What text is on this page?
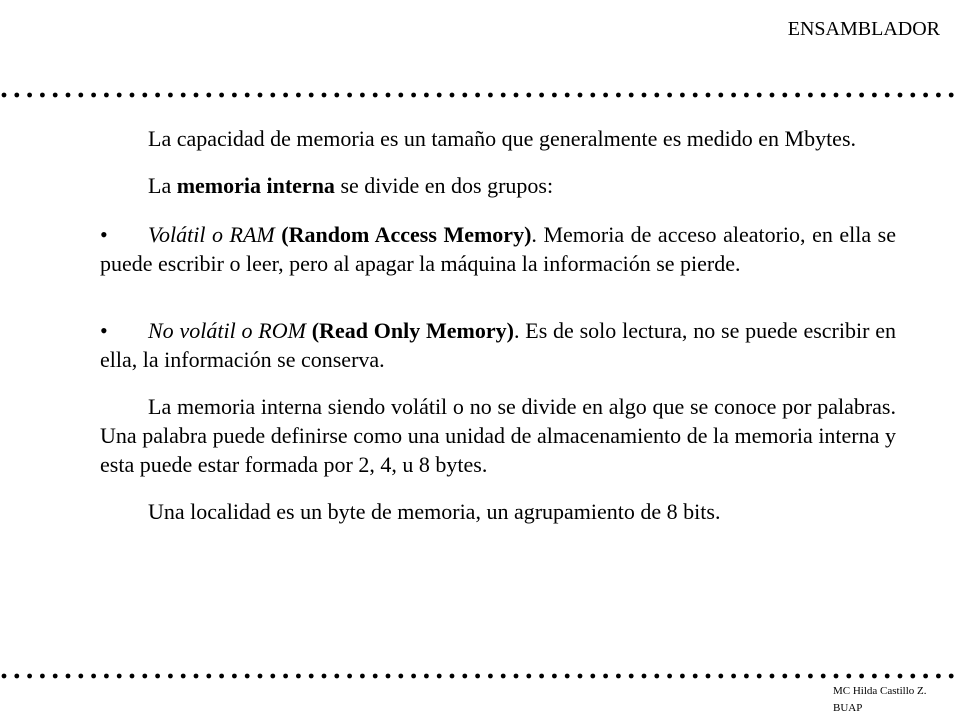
ENSAMBLADOR

La capacidad de memoria es un tamaño que generalmente es medido en Mbytes.

La memoria interna se divide en dos grupos:

• Volátil o RAM (Random Access Memory). Memoria de acceso aleatorio, en ella se puede escribir o leer, pero al apagar la máquina la información se pierde.

• No volátil o ROM (Read Only Memory). Es de solo lectura, no se puede escribir en ella, la información se conserva.

La memoria interna siendo volátil o no se divide en algo que se conoce por palabras. Una palabra puede definirse como una unidad de almacenamiento de la memoria interna y esta puede estar formada por 2, 4, u 8 bytes.

Una localidad es un byte de memoria, un agrupamiento de 8 bits.

MC Hilda Castillo Z.
BUAP
